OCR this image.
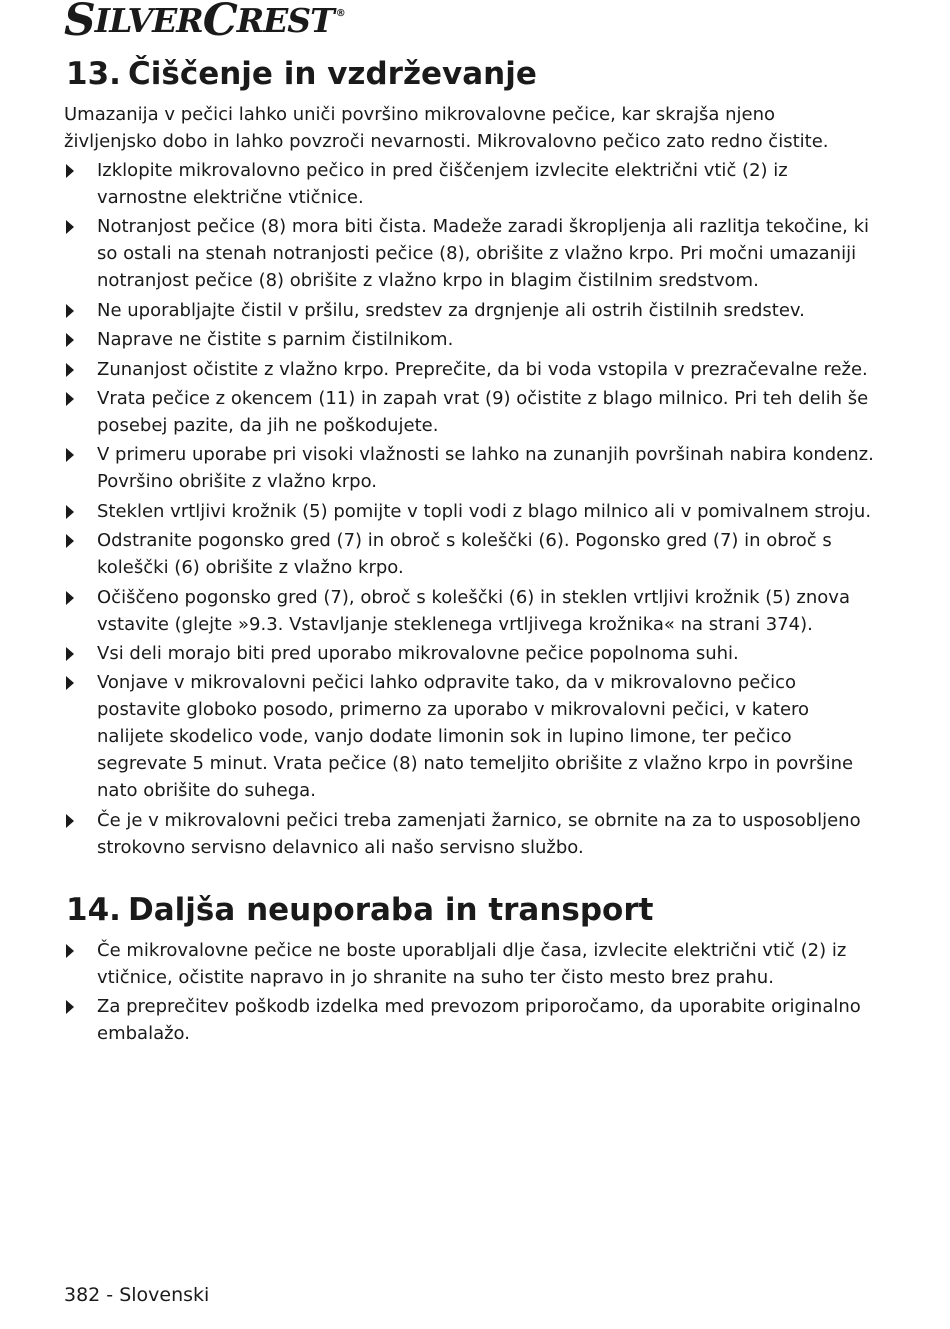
S ILVER C REST ®
13. Čiščenje in vzdrževanje

Umazanija v pečici lahko uniči površino mikrovalovne pečice, kar skrajša njeno življenjsko dobo in lahko povzroči nevarnosti. Mikrovalovno pečico zato redno čistite.

Izklopite mikrovalovno pečico in pred čiščenjem izvlecite električni vtič (2) iz varnostne električne vtičnice.
Notranjost pečice (8) mora biti čista. Madeže zaradi škropljenja ali razlitja tekočine, ki so ostali na stenah notranjosti pečice (8), obrišite z vlažno krpo. Pri močni umazaniji notranjost pečice (8) obrišite z vlažno krpo in blagim čistilnim sredstvom.
Ne uporabljajte čistil v pršilu, sredstev za drgnjenje ali ostrih čistilnih sredstev.
Naprave ne čistite s parnim čistilnikom.
Zunanjost očistite z vlažno krpo. Preprečite, da bi voda vstopila v prezračevalne reže.
Vrata pečice z okencem (11) in zapah vrat (9) očistite z blago milnico. Pri teh delih še posebej pazite, da jih ne poškodujete.
V primeru uporabe pri visoki vlažnosti se lahko na zunanjih površinah nabira kondenz. Površino obrišite z vlažno krpo.
Steklen vrtljivi krožnik (5) pomijte v topli vodi z blago milnico ali v pomivalnem stroju.
Odstranite pogonsko gred (7) in obroč s koleščki (6). Pogonsko gred (7) in obroč s koleščki (6) obrišite z vlažno krpo.
Očiščeno pogonsko gred (7), obroč s koleščki (6) in steklen vrtljivi krožnik (5) znova vstavite (glejte »9.3. Vstavljanje steklenega vrtljivega krožnika« na strani 374).
Vsi deli morajo biti pred uporabo mikrovalovne pečice popolnoma suhi.
Vonjave v mikrovalovni pečici lahko odpravite tako, da v mikrovalovno pečico postavite globoko posodo, primerno za uporabo v mikrovalovni pečici, v katero nalijete skodelico vode, vanjo dodate limonin sok in lupino limone, ter pečico segrevate 5 minut. Vrata pečice (8) nato temeljito obrišite z vlažno krpo in površine nato obrišite do suhega.
Če je v mikrovalovni pečici treba zamenjati žarnico, se obrnite na za to usposobljeno strokovno servisno delavnico ali našo servisno službo.
14. Daljša neuporaba in transport
Če mikrovalovne pečice ne boste uporabljali dlje časa, izvlecite električni vtič (2) iz vtičnice, očistite napravo in jo shranite na suho ter čisto mesto brez prahu.
Za preprečitev poškodb izdelka med prevozom priporočamo, da uporabite originalno embalažo.
382 - Slovenski
